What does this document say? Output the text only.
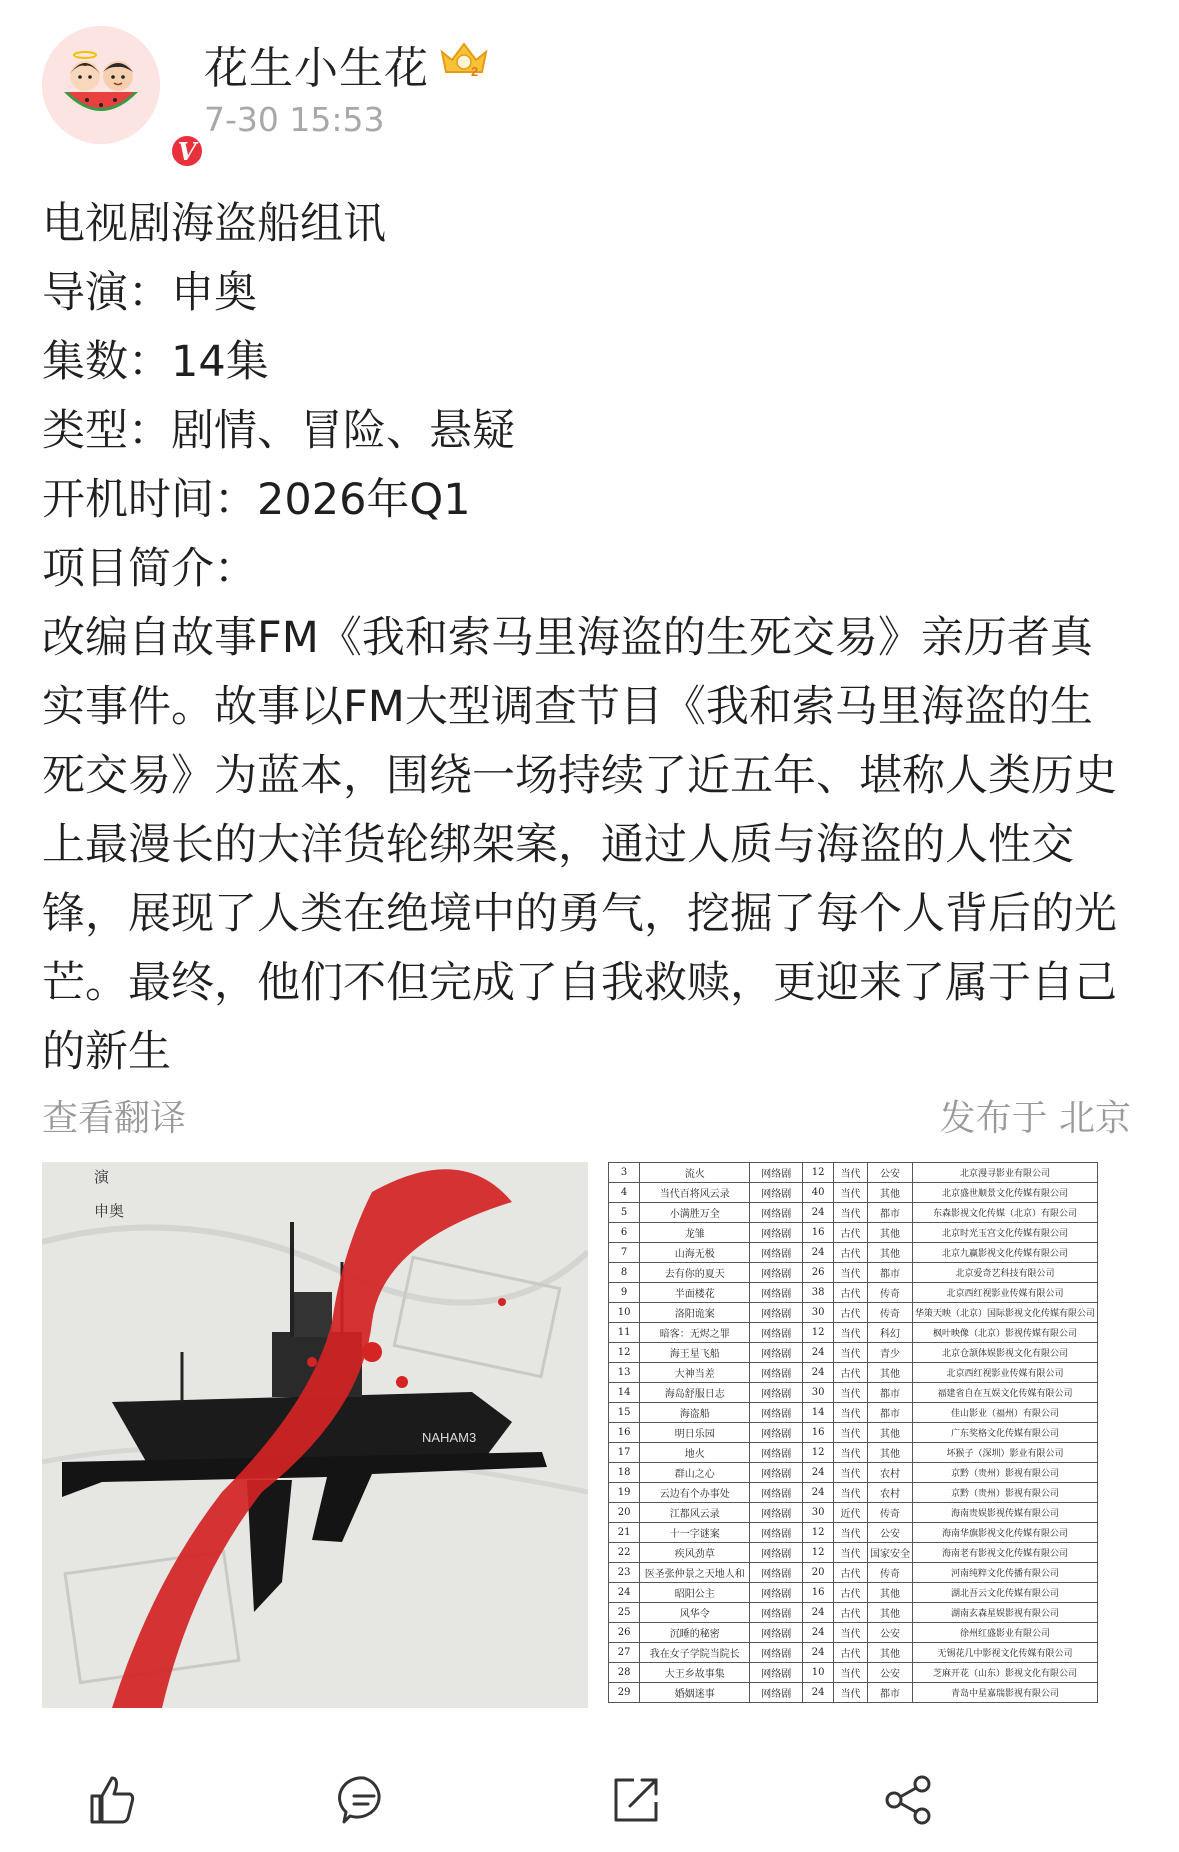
V
花生小生花	2
7-30 15:53

电视剧海盗船组讯

导演：申奥

集数：14集

类型：剧情、冒险、悬疑

开机时间：2026年Q1

项目简介：

改编自故事FM《我和索马里海盗的生死交易》亲历者真实事件。故事以FM大型调查节目《我和索马里海盗的生死交易》为蓝本，围绕一场持续了近五年、堪称人类历史上最漫长的大洋货轮绑架案，通过人质与海盗的人性交锋，展现了人类在绝境中的勇气，挖掘了每个人背后的光芒。最终，他们不但完成了自我救赎，更迎来了属于自己的新生

查看翻译	发布于 北京
NAHAM3
演
申奥
3	流火	网络剧	12	当代	公安	北京漫寻影业有限公司
4	当代百将风云录	网络剧	40	当代	其他	北京盛世顺景文化传媒有限公司
5	小满胜万全	网络剧	24	当代	都市	东森影视文化传媒（北京）有限公司
6	龙雏	网络剧	16	古代	其他	北京时光玉宫文化传媒有限公司
7	山海无极	网络剧	24	古代	其他	北京九赢影视文化传媒有限公司
8	去有你的夏天	网络剧	26	当代	都市	北京爱奇艺科技有限公司
9	半面楼花	网络剧	38	古代	传奇	北京西红视影业传媒有限公司
10	洛阳诡案	网络剧	30	古代	传奇	华策天映（北京）国际影视文化传媒有限公司
11	暗客：无烬之罪	网络剧	12	当代	科幻	枫叶映像（北京）影视传媒有限公司
12	海王星飞船	网络剧	24	当代	青少	北京仓颉体娱影视文化有限公司
13	大神当差	网络剧	24	古代	其他	北京西红视影业传媒有限公司
14	海岛舒服日志	网络剧	30	当代	都市	福建省自在互娱文化传媒有限公司
15	海盗船	网络剧	14	当代	都市	佳山影业（福州）有限公司
16	明日乐园	网络剧	16	当代	其他	广东奖格文化传媒有限公司
17	地火	网络剧	12	当代	其他	坏猴子（深圳）影业有限公司
18	群山之心	网络剧	24	当代	农村	京黔（贵州）影视有限公司
19	云边有个办事处	网络剧	24	当代	农村	京黔（贵州）影视有限公司
20	江都风云录	网络剧	30	近代	传奇	海南贵娱影视传媒有限公司
21	十一字谜案	网络剧	12	当代	公安	海南华旗影视文化传媒有限公司
22	疾风劲草	网络剧	12	当代	国家安全	海南老有影视文化传媒有限公司
23	医圣张仲景之天地人和	网络剧	20	古代	传奇	河南纯粹文化传播有限公司
24	昭阳公主	网络剧	16	古代	其他	湖北吾云文化传媒有限公司
25	风华令	网络剧	24	古代	其他	湖南玄森星娱影视有限公司
26	沉睡的秘密	网络剧	24	当代	公安	徐州红盛影业有限公司
27	我在女子学院当院长	网络剧	24	古代	其他	无锡花几中影视文化传媒有限公司
28	大王乡故事集	网络剧	10	当代	公安	芝麻开花（山东）影视文化有限公司
29	婚姻迷事	网络剧	24	当代	都市	青岛中星嘉瑞影视有限公司
